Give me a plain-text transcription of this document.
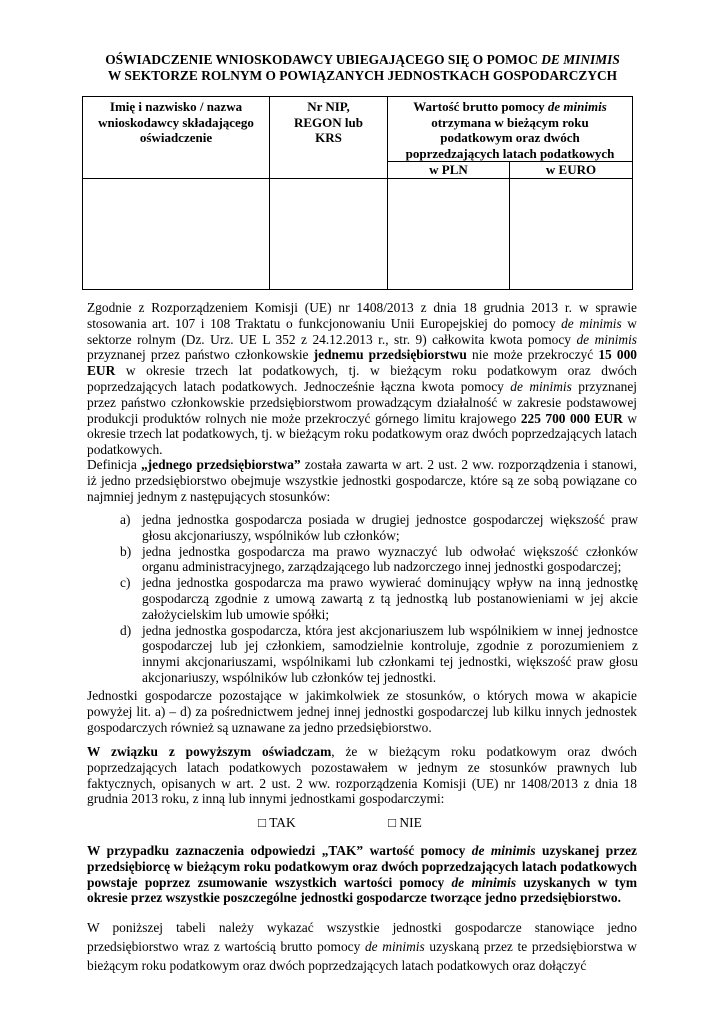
OŚWIADCZENIE WNIOSKODAWCY UBIEGAJĄCEGO SIĘ O POMOC DE MINIMIS
W SEKTORZE ROLNYM O POWIĄZANYCH JEDNOSTKACH GOSPODARCZYCH
Imię i nazwisko / nazwa wnioskodawcy składającego oświadczenie	Nr NIP, REGON lub KRS	Wartość brutto pomocy de minimis otrzymana w bieżącym roku podatkowym oraz dwóch poprzedzających latach podatkowych	
		w PLN	w EURO

Zgodnie z Rozporządzeniem Komisji (UE) nr 1408/2013 z dnia 18 grudnia 2013 r. w sprawie stosowania art. 107 i 108 Traktatu o funkcjonowaniu Unii Europejskiej do pomocy de minimis w sektorze rolnym (Dz. Urz. UE L 352 z 24.12.2013 r., str. 9) całkowita kwota pomocy de minimis przyznanej przez państwo członkowskie jednemu przedsiębiorstwu nie może przekroczyć 15 000 EUR w okresie trzech lat podatkowych, tj. w bieżącym roku podatkowym oraz dwóch poprzedzających latach podatkowych. Jednocześnie łączna kwota pomocy de minimis przyznanej przez państwo członkowskie przedsiębiorstwom prowadzącym działalność w zakresie podstawowej produkcji produktów rolnych nie może przekroczyć górnego limitu krajowego 225 700 000 EUR w okresie trzech lat podatkowych, tj. w bieżącym roku podatkowym oraz dwóch poprzedzających latach podatkowych.

Definicja „jednego przedsiębiorstwa” została zawarta w art. 2 ust. 2 ww. rozporządzenia i stanowi, iż jedno przedsiębiorstwo obejmuje wszystkie jednostki gospodarcze, które są ze sobą powiązane co najmniej jednym z następujących stosunków:

a) jedna jednostka gospodarcza posiada w drugiej jednostce gospodarczej większość praw głosu akcjonariuszy, wspólników lub członków;
b) jedna jednostka gospodarcza ma prawo wyznaczyć lub odwołać większość członków organu administracyjnego, zarządzającego lub nadzorczego innej jednostki gospodarczej;
c) jedna jednostka gospodarcza ma prawo wywierać dominujący wpływ na inną jednostkę gospodarczą zgodnie z umową zawartą z tą jednostką lub postanowieniami w jej akcie założycielskim lub umowie spółki;
d) jedna jednostka gospodarcza, która jest akcjonariuszem lub wspólnikiem w innej jednostce gospodarczej lub jej członkiem, samodzielnie kontroluje, zgodnie z porozumieniem z innymi akcjonariuszami, wspólnikami lub członkami tej jednostki, większość praw głosu akcjonariuszy, wspólników lub członków tej jednostki.

Jednostki gospodarcze pozostające w jakimkolwiek ze stosunków, o których mowa w akapicie powyżej lit. a) – d) za pośrednictwem jednej innej jednostki gospodarczej lub kilku innych jednostek gospodarczych również są uznawane za jedno przedsiębiorstwo.

W związku z powyższym oświadczam, że w bieżącym roku podatkowym oraz dwóch poprzedzających latach podatkowych pozostawałem w jednym ze stosunków prawnych lub faktycznych, opisanych w art. 2 ust. 2 ww. rozporządzenia Komisji (UE) nr 1408/2013 z dnia 18 grudnia 2013 roku, z inną lub innymi jednostkami gospodarczymi:

□ TAK	□ NIE

W przypadku zaznaczenia odpowiedzi „TAK” wartość pomocy de minimis uzyskanej przez przedsiębiorcę w bieżącym roku podatkowym oraz dwóch poprzedzających latach podatkowych powstaje poprzez zsumowanie wszystkich wartości pomocy de minimis uzyskanych w tym okresie przez wszystkie poszczególne jednostki gospodarcze tworzące jedno przedsiębiorstwo.

W poniższej tabeli należy wykazać wszystkie jednostki gospodarcze stanowiące jedno przedsiębiorstwo wraz z wartością brutto pomocy de minimis uzyskaną przez te przedsiębiorstwa w bieżącym roku podatkowym oraz dwóch poprzedzających latach podatkowych oraz dołączyć
